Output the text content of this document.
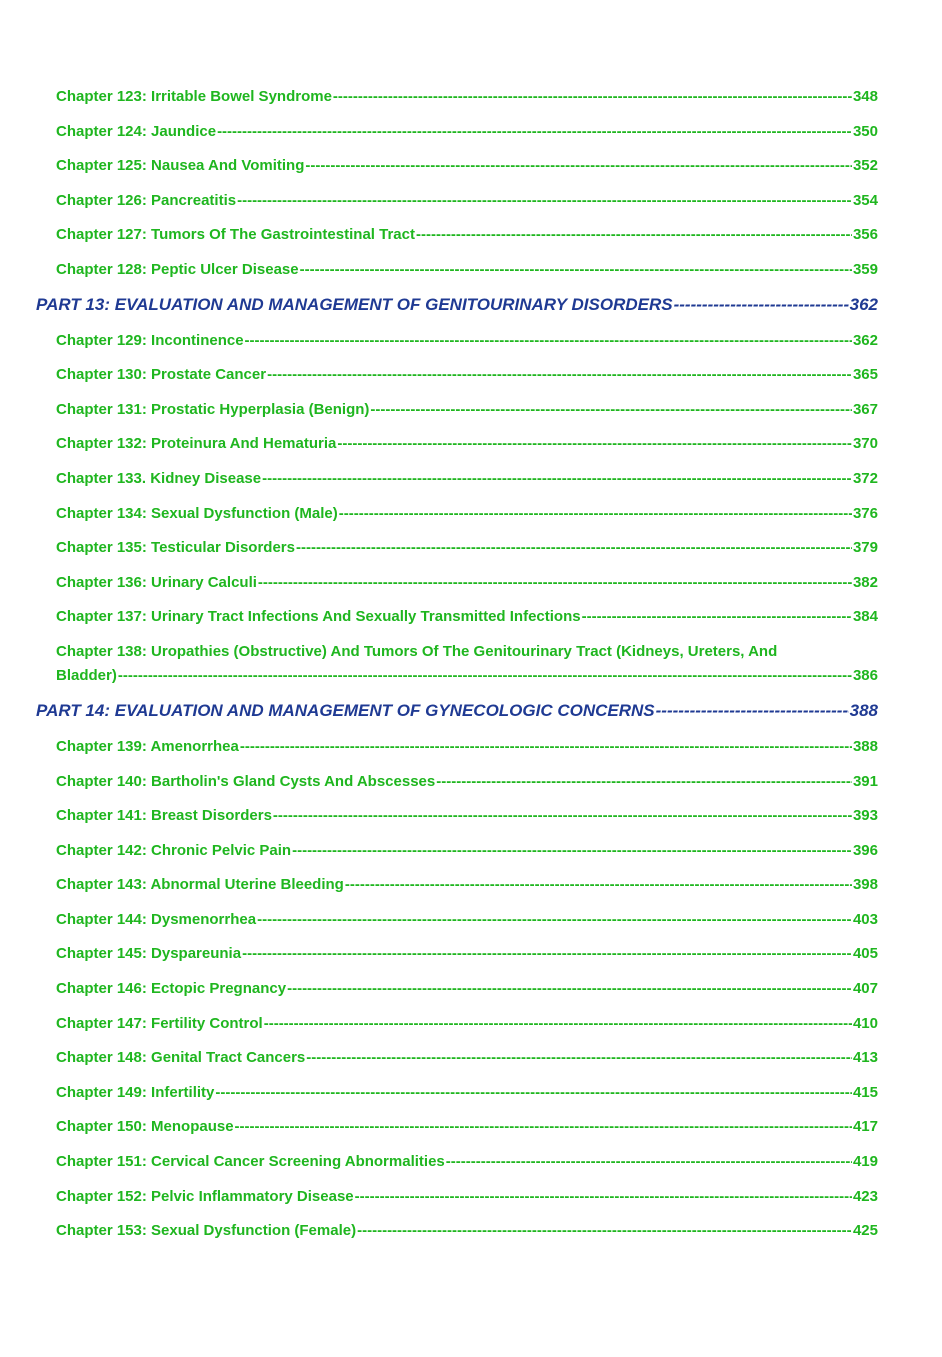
Chapter 123: Irritable Bowel Syndrome -----	348
Chapter 124: Jaundice -----	350
Chapter 125: Nausea And Vomiting -----	352
Chapter 126: Pancreatitis -----	354
Chapter 127: Tumors Of The Gastrointestinal Tract -----	356
Chapter 128: Peptic Ulcer Disease -----	359
PART 13: EVALUATION AND MANAGEMENT OF GENITOURINARY DISORDERS -----	362
Chapter 129: Incontinence -----	362
Chapter 130: Prostate Cancer -----	365
Chapter 131: Prostatic Hyperplasia (Benign) -----	367
Chapter 132: Proteinura And Hematuria -----	370
Chapter 133. Kidney Disease -----	372
Chapter 134: Sexual Dysfunction (Male) -----	376
Chapter 135: Testicular Disorders -----	379
Chapter 136: Urinary Calculi -----	382
Chapter 137: Urinary Tract Infections And Sexually Transmitted Infections -----	384
Chapter 138: Uropathies (Obstructive) And Tumors Of The Genitourinary Tract (Kidneys, Ureters, And
Bladder) -----	386
PART 14: EVALUATION AND MANAGEMENT OF GYNECOLOGIC CONCERNS -----	388
Chapter 139: Amenorrhea -----	388
Chapter 140: Bartholin's Gland Cysts And Abscesses -----	391
Chapter 141: Breast Disorders -----	393
Chapter 142: Chronic Pelvic Pain -----	396
Chapter 143: Abnormal Uterine Bleeding -----	398
Chapter 144: Dysmenorrhea -----	403
Chapter 145: Dyspareunia -----	405
Chapter 146: Ectopic Pregnancy -----	407
Chapter 147: Fertility Control -----	410
Chapter 148: Genital Tract Cancers -----	413
Chapter 149: Infertility -----	415
Chapter 150: Menopause -----	417
Chapter 151: Cervical Cancer Screening Abnormalities -----	419
Chapter 152: Pelvic Inflammatory Disease -----	423
Chapter 153: Sexual Dysfunction (Female) -----	425
